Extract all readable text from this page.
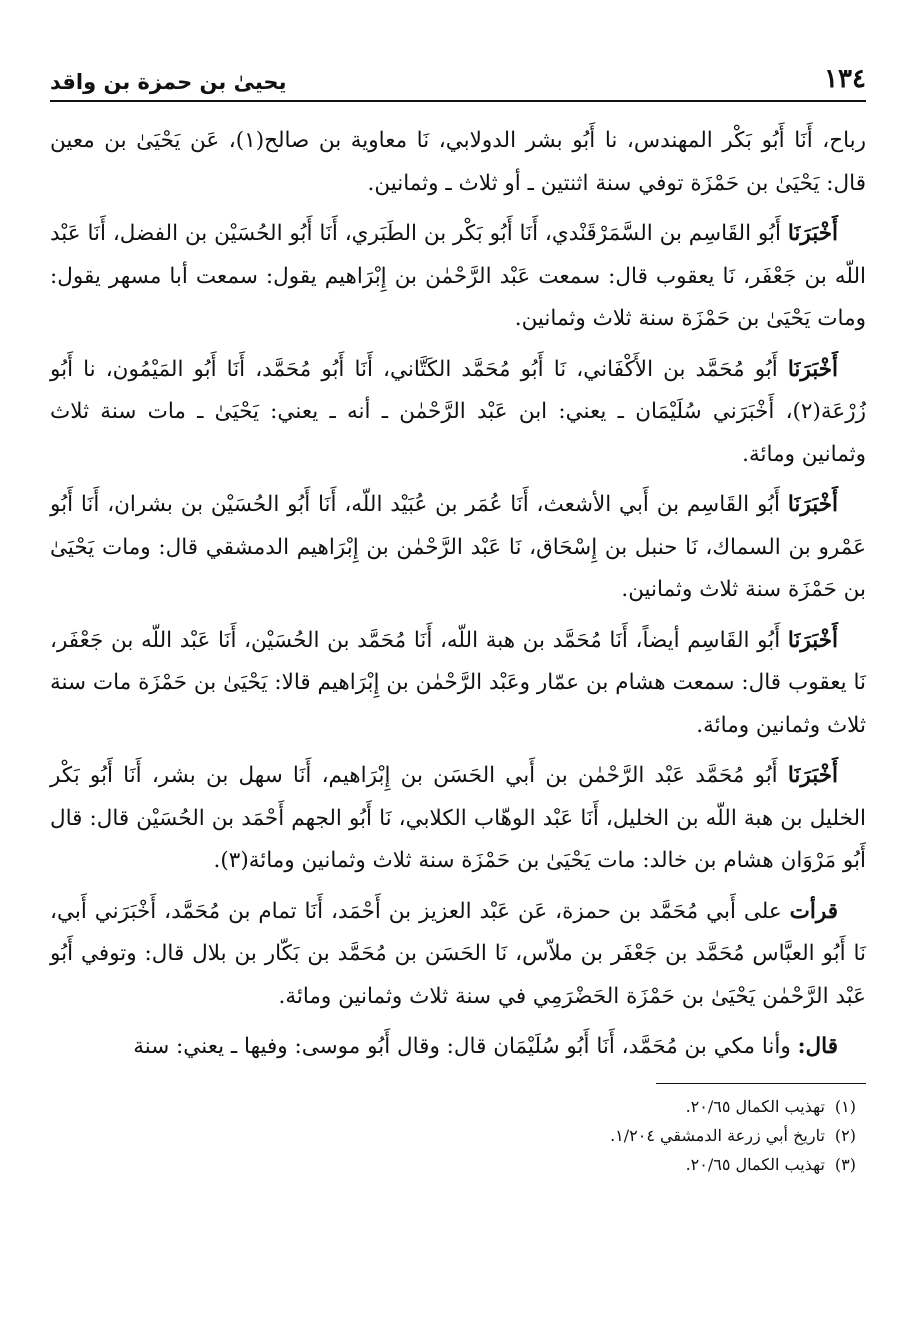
١٣٤
يحيىٰ بن حمزة بن واقد

رباح، أَنَا أَبُو بَكْر المهندس، نا أَبُو بشر الدولابي، نَا معاوية بن صالح(١)، عَن يَحْيَىٰ بن معين قال: يَحْيَىٰ بن حَمْزَة توفي سنة اثنتين ـ أو ثلاث ـ وثمانين.

أَخْبَرَنَا أَبُو القَاسِم بن السَّمَرْقَنْدي، أَنَا أَبُو بَكْر بن الطَبَري، أَنَا أَبُو الحُسَيْن بن الفضل، أَنَا عَبْد اللّه بن جَعْفَر، نَا يعقوب قال: سمعت عَبْد الرَّحْمٰن بن إِبْرَاهيم يقول: سمعت أبا مسهر يقول: ومات يَحْيَىٰ بن حَمْزَة سنة ثلاث وثمانين.

أَخْبَرَنَا أَبُو مُحَمَّد بن الأَكْفَاني، نَا أَبُو مُحَمَّد الكَتَّاني، أَنَا أَبُو مُحَمَّد، أَنَا أَبُو المَيْمُون، نا أَبُو زُرْعَة(٢)، أَخْبَرَني سُلَيْمَان ـ يعني: ابن عَبْد الرَّحْمٰن ـ أنه ـ يعني: يَحْيَىٰ ـ مات سنة ثلاث وثمانين ومائة.

أَخْبَرَنَا أَبُو القَاسِم بن أَبي الأشعث، أَنَا عُمَر بن عُبَيْد اللّه، أَنَا أَبُو الحُسَيْن بن بشران، أَنَا أَبُو عَمْرو بن السماك، نَا حنبل بن إِسْحَاق، نَا عَبْد الرَّحْمٰن بن إِبْرَاهيم الدمشقي قال: ومات يَحْيَىٰ بن حَمْزَة سنة ثلاث وثمانين.

أَخْبَرَنَا أَبُو القَاسِم أيضاً، أَنَا مُحَمَّد بن هبة اللّه، أَنَا مُحَمَّد بن الحُسَيْن، أَنَا عَبْد اللّه بن جَعْفَر، نَا يعقوب قال: سمعت هشام بن عمّار وعَبْد الرَّحْمٰن بن إِبْرَاهيم قالا: يَحْيَىٰ بن حَمْزَة مات سنة ثلاث وثمانين ومائة.

أَخْبَرَنَا أَبُو مُحَمَّد عَبْد الرَّحْمٰن بن أَبي الحَسَن بن إِبْرَاهيم، أَنَا سهل بن بشر، أَنَا أَبُو بَكْر الخليل بن هبة اللّه بن الخليل، أَنَا عَبْد الوهّاب الكلابي، نَا أَبُو الجهم أَحْمَد بن الحُسَيْن قال: قال أَبُو مَرْوَان هشام بن خالد: مات يَحْيَىٰ بن حَمْزَة سنة ثلاث وثمانين ومائة(٣).

قرأت على أَبي مُحَمَّد بن حمزة، عَن عَبْد العزيز بن أَحْمَد، أَنَا تمام بن مُحَمَّد، أَخْبَرَني أَبي، نَا أَبُو العبَّاس مُحَمَّد بن جَعْفَر بن ملاّس، نَا الحَسَن بن مُحَمَّد بن بَكّار بن بلال قال: وتوفي أَبُو عَبْد الرَّحْمٰن يَحْيَىٰ بن حَمْزَة الحَضْرَمِي في سنة ثلاث وثمانين ومائة.

قال: وأنا مكي بن مُحَمَّد، أَنَا أَبُو سُلَيْمَان قال: وقال أَبُو موسى: وفيها ـ يعني: سنة

(١)تهذيب الكمال ٢٠/٦٥.
(٢)تاريخ أبي زرعة الدمشقي ١/٢٠٤.
(٣)تهذيب الكمال ٢٠/٦٥.
